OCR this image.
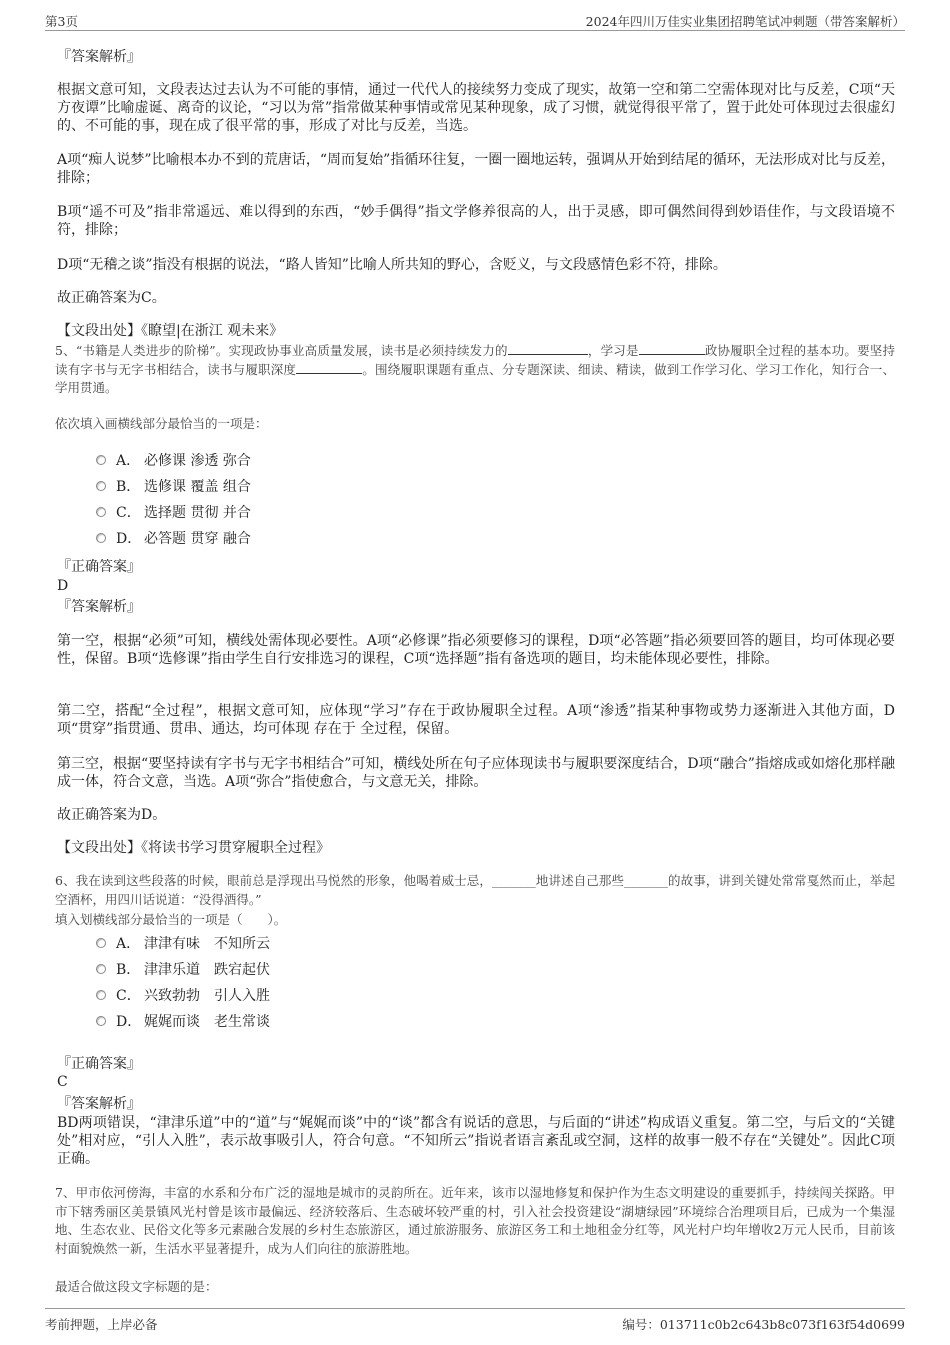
第3页	2024年四川万佳实业集团招聘笔试冲刺题（带答案解析）
『答案解析』
根据文意可知，文段表达过去认为不可能的事情，通过一代代人的接续努力变成了现实，故第一空和第二空需体现对比与反差，C项“天方夜谭”比喻虚诞、离奇的议论，“习以为常”指常做某种事情或常见某种现象，成了习惯，就觉得很平常了，置于此处可体现过去很虚幻的、不可能的事，现在成了很平常的事，形成了对比与反差，当选。
A项“痴人说梦”比喻根本办不到的荒唐话，“周而复始”指循环往复，一圈一圈地运转，强调从开始到结尾的循环，无法形成对比与反差，排除；
B项“遥不可及”指非常遥远、难以得到的东西，“妙手偶得”指文学修养很高的人，出于灵感，即可偶然间得到妙语佳作，与文段语境不符，排除；
D项“无稽之谈”指没有根据的说法，“路人皆知”比喻人所共知的野心，含贬义，与文段感情色彩不符，排除。
故正确答案为C。
【文段出处】《瞭望|在浙江 观未来》
5、“书籍是人类进步的阶梯”。实现政协事业高质量发展，读书是必须持续发力的	，学习是	政协履职全过程的基本功。要坚持读有字书与无字书相结合，读书与履职深度	。围绕履职课题有重点、分专题深读、细读、精读，做到工作学习化、学习工作化，知行合一、学用贯通。
依次填入画横线部分最恰当的一项是：
A． 必修课 渗透 弥合
B． 选修课 覆盖 组合
C． 选择题 贯彻 并合
D． 必答题 贯穿 融合
『正确答案』
D
『答案解析』
第一空，根据“必须”可知，横线处需体现必要性。A项“必修课”指必须要修习的课程，D项“必答题”指必须要回答的题目，均可体现必要性，保留。B项“选修课”指由学生自行安排选习的课程，C项“选择题”指有备选项的题目，均未能体现必要性，排除。
第二空，搭配“全过程”，根据文意可知，应体现“学习”存在于政协履职全过程。A项“渗透”指某种事物或势力逐渐进入其他方面，D项“贯穿”指贯通、贯串、通达，均可体现 存在于 全过程，保留。
第三空，根据“要坚持读有字书与无字书相结合”可知，横线处所在句子应体现读书与履职要深度结合，D项“融合”指熔成或如熔化那样融成一体，符合文意，当选。A项“弥合”指使愈合，与文意无关，排除。
故正确答案为D。
【文段出处】《将读书学习贯穿履职全过程》
6、我在读到这些段落的时候，眼前总是浮现出马悦然的形象，他喝着威士忌，_______地讲述自己那些_______的故事，讲到关键处常常戛然而止，举起空酒杯，用四川话说道：“没得酒得。”
填入划横线部分最恰当的一项是（　　）。
A． 津津有味　不知所云
B． 津津乐道　跌宕起伏
C． 兴致勃勃　引人入胜
D． 娓娓而谈　老生常谈
『正确答案』
C
『答案解析』
BD两项错误，“津津乐道”中的“道”与“娓娓而谈”中的“谈”都含有说话的意思，与后面的“讲述”构成语义重复。第二空，与后文的“关键处”相对应，“引人入胜”，表示故事吸引人，符合句意。“不知所云”指说者语言紊乱或空洞，这样的故事一般不存在“关键处”。因此C项正确。
7、甲市依河傍海，丰富的水系和分布广泛的湿地是城市的灵韵所在。近年来，该市以湿地修复和保护作为生态文明建设的重要抓手，持续闯关探路。甲市下辖秀丽区美景镇风光村曾是该市最偏远、经济较落后、生态破坏较严重的村，引入社会投资建设“湖塘绿园”环境综合治理项目后，已成为一个集湿地、生态农业、民俗文化等多元素融合发展的乡村生态旅游区，通过旅游服务、旅游区务工和土地租金分红等，风光村户均年增收2万元人民币，目前该村面貌焕然一新，生活水平显著提升，成为人们向往的旅游胜地。
最适合做这段文字标题的是：
考前押题，上岸必备	编号：013711c0b2c643b8c073f163f54d0699
